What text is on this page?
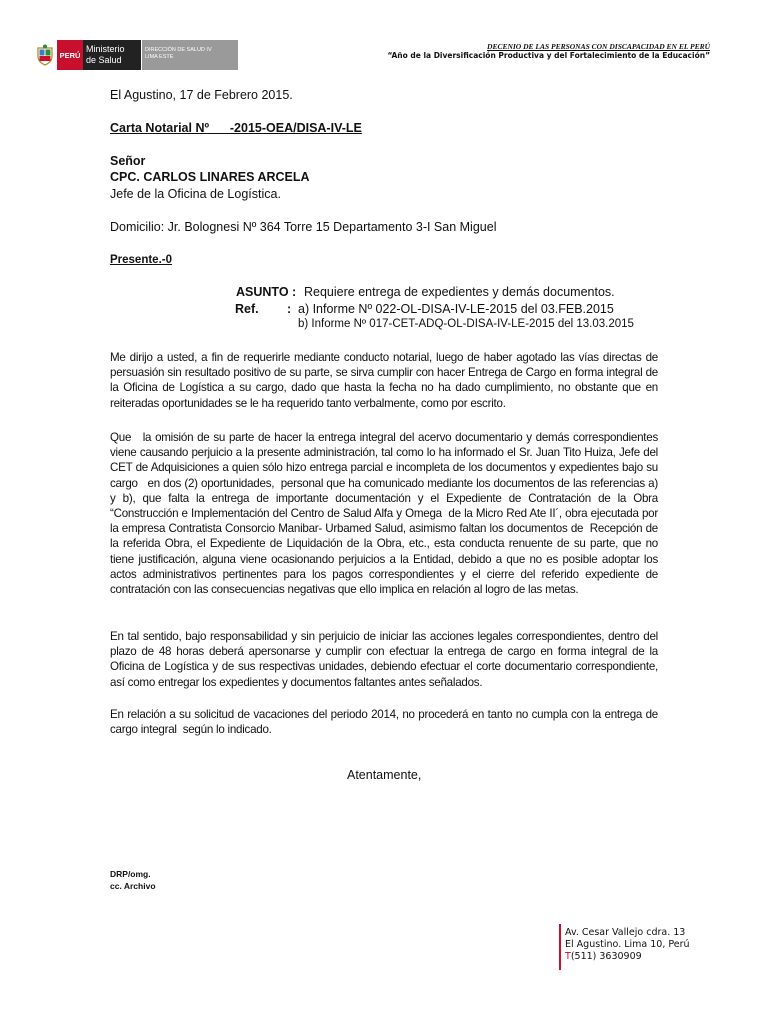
PERÚ
Ministerio
de Salud
DIRECCIÓN DE SALUD IV
LIMA ESTE
DECENIO DE LAS PERSONAS CON DISCAPACIDAD EN EL PERÚ
“Año de la Diversificación Productiva y del Fortalecimiento de la Educación”
El Agustino, 17 de Febrero 2015.
Carta Notarial Nº      -2015-OEA/DISA-IV-LE
Señor
CPC. CARLOS LINARES ARCELA
Jefe de la Oficina de Logística.
Domicilio: Jr. Bolognesi Nº 364 Torre 15 Departamento 3-I San Miguel
Presente.-0
ASUNTO : Requiere entrega de expedientes y demás documentos.
Ref. : a) Informe Nº 022-OL-DISA-IV-LE-2015 del 03.FEB.2015
b) Informe Nº 017-CET-ADQ-OL-DISA-IV-LE-2015 del 13.03.2015

Me dirijo a usted, a fin de requerirle mediante conducto notarial, luego de haber agotado las vías directas de persuasión sin resultado positivo de su parte, se sirva cumplir con hacer Entrega de Cargo en forma integral de la Oficina de Logística a su cargo, dado que hasta la fecha no ha dado cumplimiento, no obstante que en reiteradas oportunidades se le ha requerido tanto verbalmente, como por escrito.

Que   la omisión de su parte de hacer la entrega integral del acervo documentario y demás correspondientes viene causando perjuicio a la presente administración, tal como lo ha informado el Sr. Juan Tito Huiza, Jefe del CET de Adquisiciones a quien sólo hizo entrega parcial e incompleta de los documentos y expedientes bajo su cargo   en dos (2) oportunidades,  personal que ha comunicado mediante los documentos de las referencias a) y b), que falta la entrega de importante documentación y el Expediente de Contratación de la Obra “Construcción e Implementación del Centro de Salud Alfa y Omega  de la Micro Red Ate II´, obra ejecutada por la empresa Contratista Consorcio Manibar- Urbamed Salud, asimismo faltan los documentos de  Recepción de la referida Obra, el Expediente de Liquidación de la Obra, etc., esta conducta renuente de su parte, que no tiene justificación, alguna viene ocasionando perjuicios a la Entidad, debido a que no es posible adoptar los actos administrativos pertinentes para los pagos correspondientes y el cierre del referido expediente de contratación con las consecuencias negativas que ello implica en relación al logro de las metas.

En tal sentido, bajo responsabilidad y sin perjuicio de iniciar las acciones legales correspondientes, dentro del plazo de 48 horas deberá apersonarse y cumplir con efectuar la entrega de cargo en forma integral de la Oficina de Logística y de sus respectivas unidades, debiendo efectuar el corte documentario correspondiente, así como entregar los expedientes y documentos faltantes antes señalados.

En relación a su solicitud de vacaciones del periodo 2014, no procederá en tanto no cumpla con la entrega de cargo integral  según lo indicado.

Atentamente,
DRP/omg.
cc. Archivo
Av. Cesar Vallejo cdra. 13
El Agustino. Lima 10, Perú
T(511) 3630909
